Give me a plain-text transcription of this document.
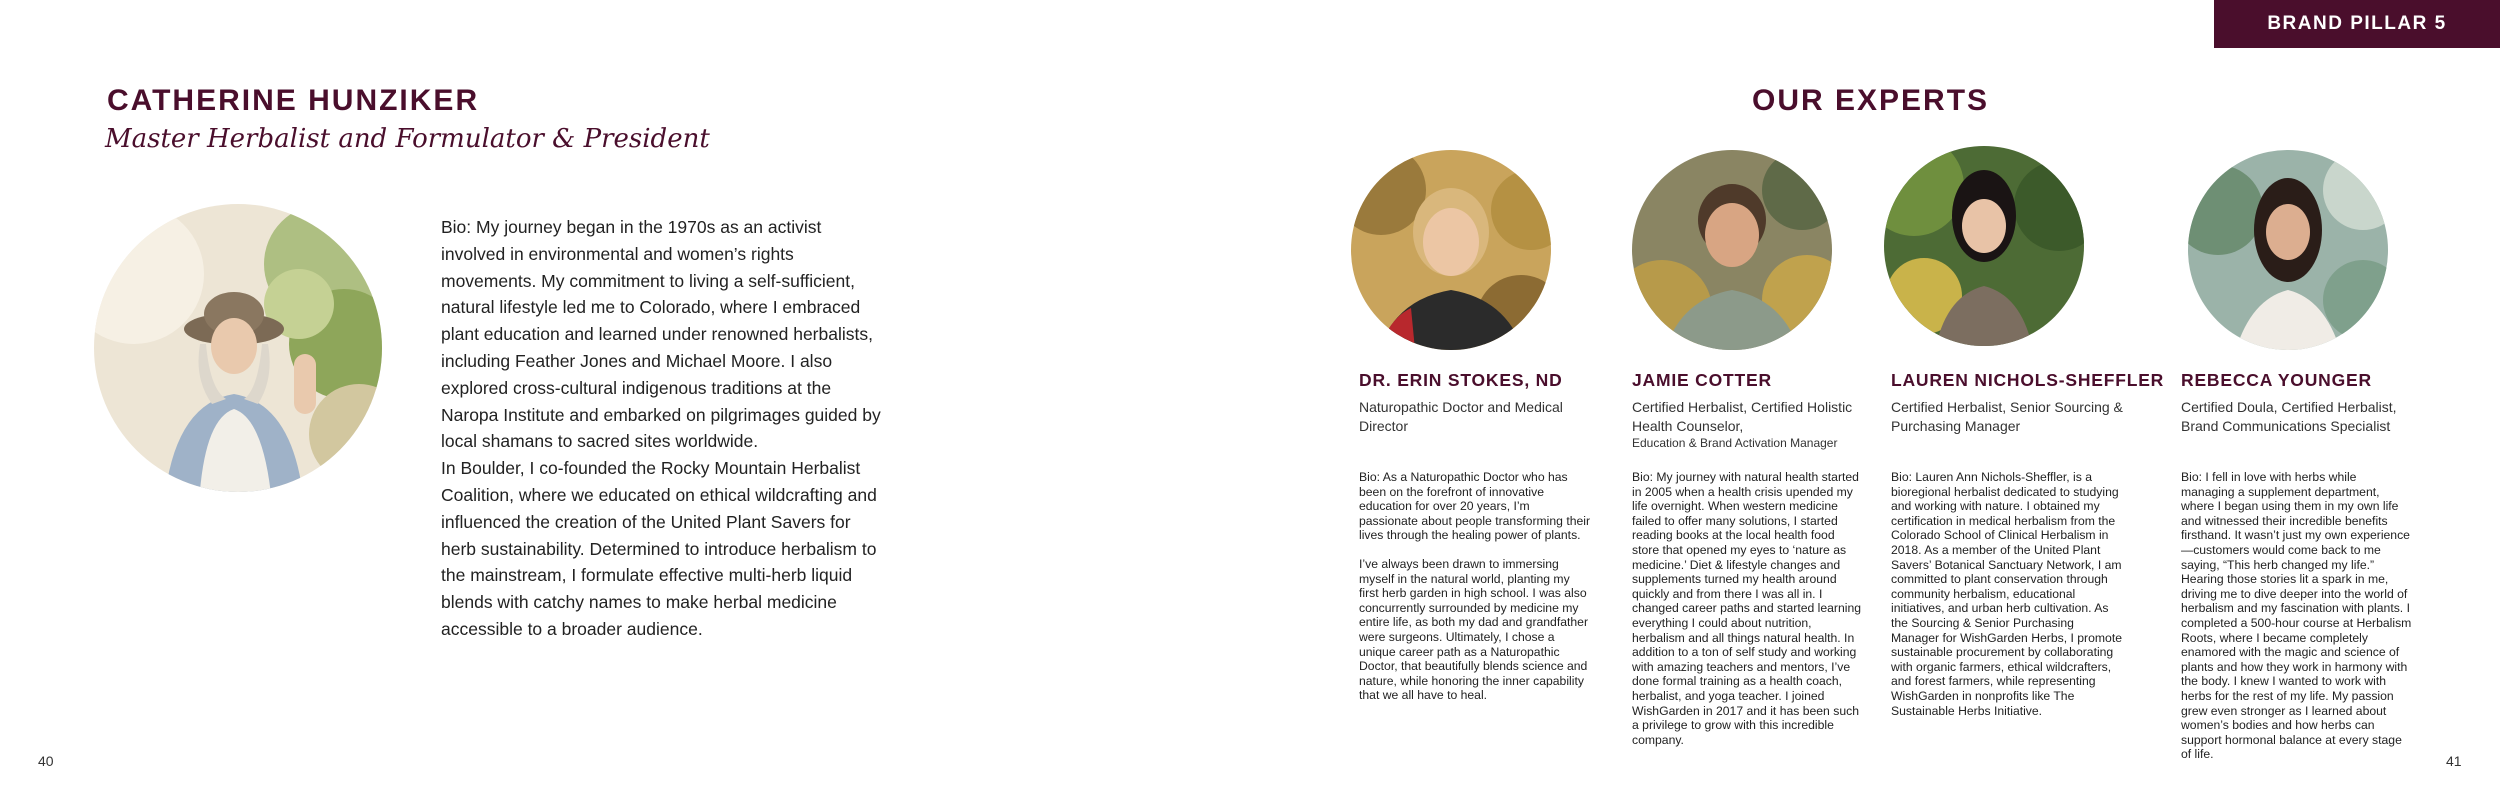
BRAND PILLAR 5
CATHERINE HUNZIKER
Master Herbalist and Formulator & President

Bio: My journey began in the 1970s as an activist involved in environmental and women’s rights movements. My commitment to living a self-sufficient, natural lifestyle led me to Colorado, where I embraced plant education and learned under renowned herbalists, including Feather Jones and Michael Moore. I also explored cross-cultural indigenous traditions at the Naropa Institute and embarked on pilgrimages guided by local shamans to sacred sites worldwide.

In Boulder, I co-founded the Rocky Mountain Herbalist Coalition, where we educated on ethical wildcrafting and influenced the creation of the United Plant Savers for herb sustainability. Determined to introduce herbalism to the mainstream, I formulate effective multi-herb liquid blends with catchy names to make herbal medicine accessible to a broader audience.

40
OUR EXPERTS
DR. ERIN STOKES, ND
Naturopathic Doctor and Medical Director

Bio: As a Naturopathic Doctor who has been on the forefront of innovative education for over 20 years, I’m passionate about people transforming their lives through the healing power of plants.

I’ve always been drawn to immersing myself in the natural world, planting my first herb garden in high school. I was also concurrently surrounded by medicine my entire life, as both my dad and grandfather were surgeons. Ultimately, I chose a unique career path as a Naturopathic Doctor, that beautifully blends science and nature, while honoring the inner capability that we all have to heal.

JAMIE COTTER
Certified Herbalist, Certified Holistic Health Counselor,
Education & Brand Activation Manager

Bio: My journey with natural health started in 2005 when a health crisis upended my life overnight. When western medicine failed to offer many solutions, I started reading books at the local health food store that opened my eyes to ‘nature as medicine.’ Diet & lifestyle changes and supplements turned my health around quickly and from there I was all in. I changed career paths and started learning everything I could about nutrition, herbalism and all things natural health. In addition to a ton of self study and working with amazing teachers and mentors, I’ve done formal training as a health coach, herbalist, and yoga teacher. I joined WishGarden in 2017 and it has been such a privilege to grow with this incredible company.

LAUREN NICHOLS-SHEFFLER
Certified Herbalist, Senior Sourcing & Purchasing Manager

Bio: Lauren Ann Nichols-Sheffler, is a bioregional herbalist dedicated to studying and working with nature. I obtained my certification in medical herbalism from the Colorado School of Clinical Herbalism in 2018. As a member of the United Plant Savers’ Botanical Sanctuary Network, I am committed to plant conservation through community herbalism, educational initiatives, and urban herb cultivation. As the Sourcing & Senior Purchasing Manager for WishGarden Herbs, I promote sustainable procurement by collaborating with organic farmers, ethical wildcrafters, and forest farmers, while representing WishGarden in nonprofits like The Sustainable Herbs Initiative.

REBECCA YOUNGER
Certified Doula, Certified Herbalist, Brand Communications Specialist

Bio: I fell in love with herbs while managing a supplement department, where I began using them in my own life and witnessed their incredible benefits firsthand. It wasn’t just my own experience—customers would come back to me saying, “This herb changed my life.” Hearing those stories lit a spark in me, driving me to dive deeper into the world of herbalism and my fascination with plants. I completed a 500-hour course at Herbalism Roots, where I became completely enamored with the magic and science of plants and how they work in harmony with the body. I knew I wanted to work with herbs for the rest of my life. My passion grew even stronger as I learned about women’s bodies and how herbs can support hormonal balance at every stage of life.	41
